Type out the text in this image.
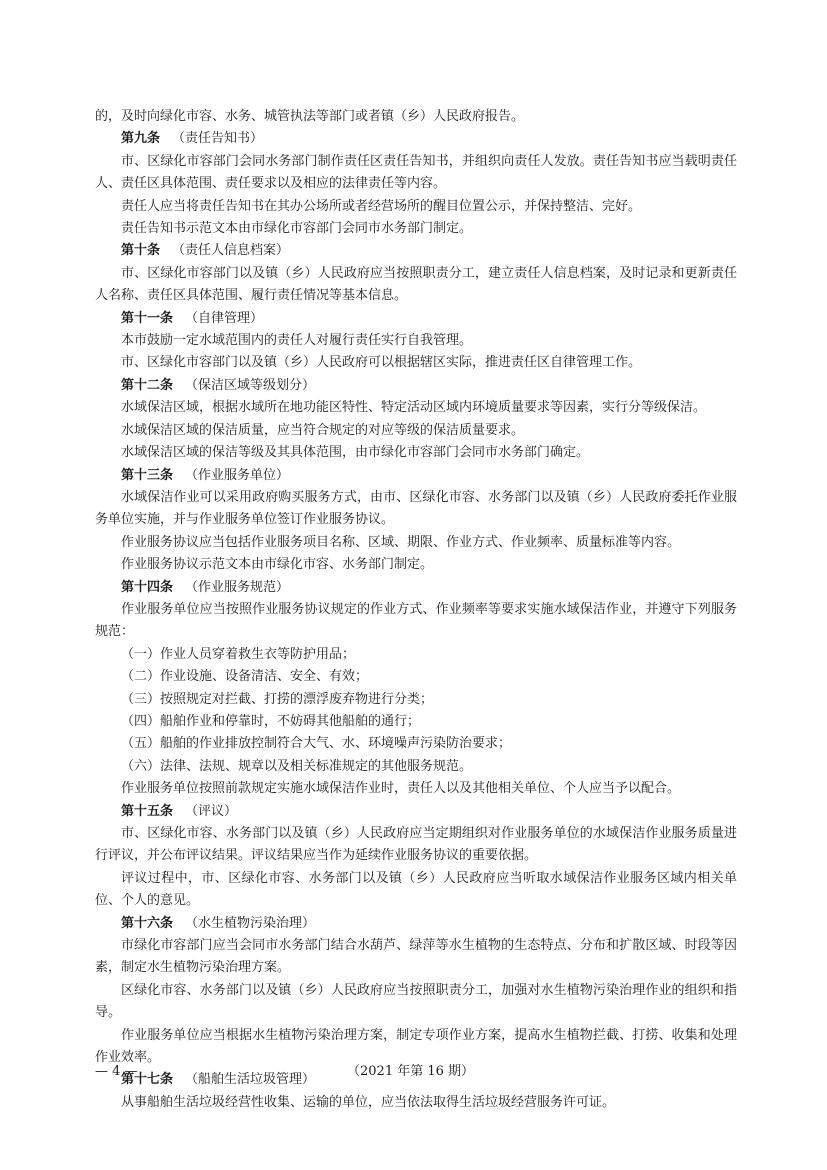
的，及时向绿化市容、水务、城管执法等部门或者镇（乡）人民政府报告。

第九条 （责任告知书）

市、区绿化市容部门会同水务部门制作责任区责任告知书，并组织向责任人发放。责任告知书应当载明责任人、责任区具体范围、责任要求以及相应的法律责任等内容。

责任人应当将责任告知书在其办公场所或者经营场所的醒目位置公示，并保持整洁、完好。

责任告知书示范文本由市绿化市容部门会同市水务部门制定。

第十条 （责任人信息档案）

市、区绿化市容部门以及镇（乡）人民政府应当按照职责分工，建立责任人信息档案，及时记录和更新责任人名称、责任区具体范围、履行责任情况等基本信息。

第十一条 （自律管理）

本市鼓励一定水域范围内的责任人对履行责任实行自我管理。

市、区绿化市容部门以及镇（乡）人民政府可以根据辖区实际，推进责任区自律管理工作。

第十二条 （保洁区域等级划分）

水域保洁区域，根据水域所在地功能区特性、特定活动区域内环境质量要求等因素，实行分等级保洁。

水域保洁区域的保洁质量，应当符合规定的对应等级的保洁质量要求。

水域保洁区域的保洁等级及其具体范围，由市绿化市容部门会同市水务部门确定。

第十三条 （作业服务单位）

水域保洁作业可以采用政府购买服务方式，由市、区绿化市容、水务部门以及镇（乡）人民政府委托作业服务单位实施，并与作业服务单位签订作业服务协议。

作业服务协议应当包括作业服务项目名称、区域、期限、作业方式、作业频率、质量标准等内容。

作业服务协议示范文本由市绿化市容、水务部门制定。

第十四条 （作业服务规范）

作业服务单位应当按照作业服务协议规定的作业方式、作业频率等要求实施水域保洁作业，并遵守下列服务规范：

（一）作业人员穿着救生衣等防护用品；

（二）作业设施、设备清洁、安全、有效；

（三）按照规定对拦截、打捞的漂浮废弃物进行分类；

（四）船舶作业和停靠时，不妨碍其他船舶的通行；

（五）船舶的作业排放控制符合大气、水、环境噪声污染防治要求；

（六）法律、法规、规章以及相关标准规定的其他服务规范。

作业服务单位按照前款规定实施水域保洁作业时，责任人以及其他相关单位、个人应当予以配合。

第十五条 （评议）

市、区绿化市容、水务部门以及镇（乡）人民政府应当定期组织对作业服务单位的水域保洁作业服务质量进行评议，并公布评议结果。评议结果应当作为延续作业服务协议的重要依据。

评议过程中，市、区绿化市容、水务部门以及镇（乡）人民政府应当听取水域保洁作业服务区域内相关单位、个人的意见。

第十六条 （水生植物污染治理）

市绿化市容部门应当会同市水务部门结合水葫芦、绿萍等水生植物的生态特点、分布和扩散区域、时段等因素，制定水生植物污染治理方案。

区绿化市容、水务部门以及镇（乡）人民政府应当按照职责分工，加强对水生植物污染治理作业的组织和指导。

作业服务单位应当根据水生植物污染治理方案，制定专项作业方案，提高水生植物拦截、打捞、收集和处理作业效率。

第十七条 （船舶生活垃圾管理）

从事船舶生活垃圾经营性收集、运输的单位，应当依法取得生活垃圾经营服务许可证。

— 4 —	（2021 年第 16 期）
